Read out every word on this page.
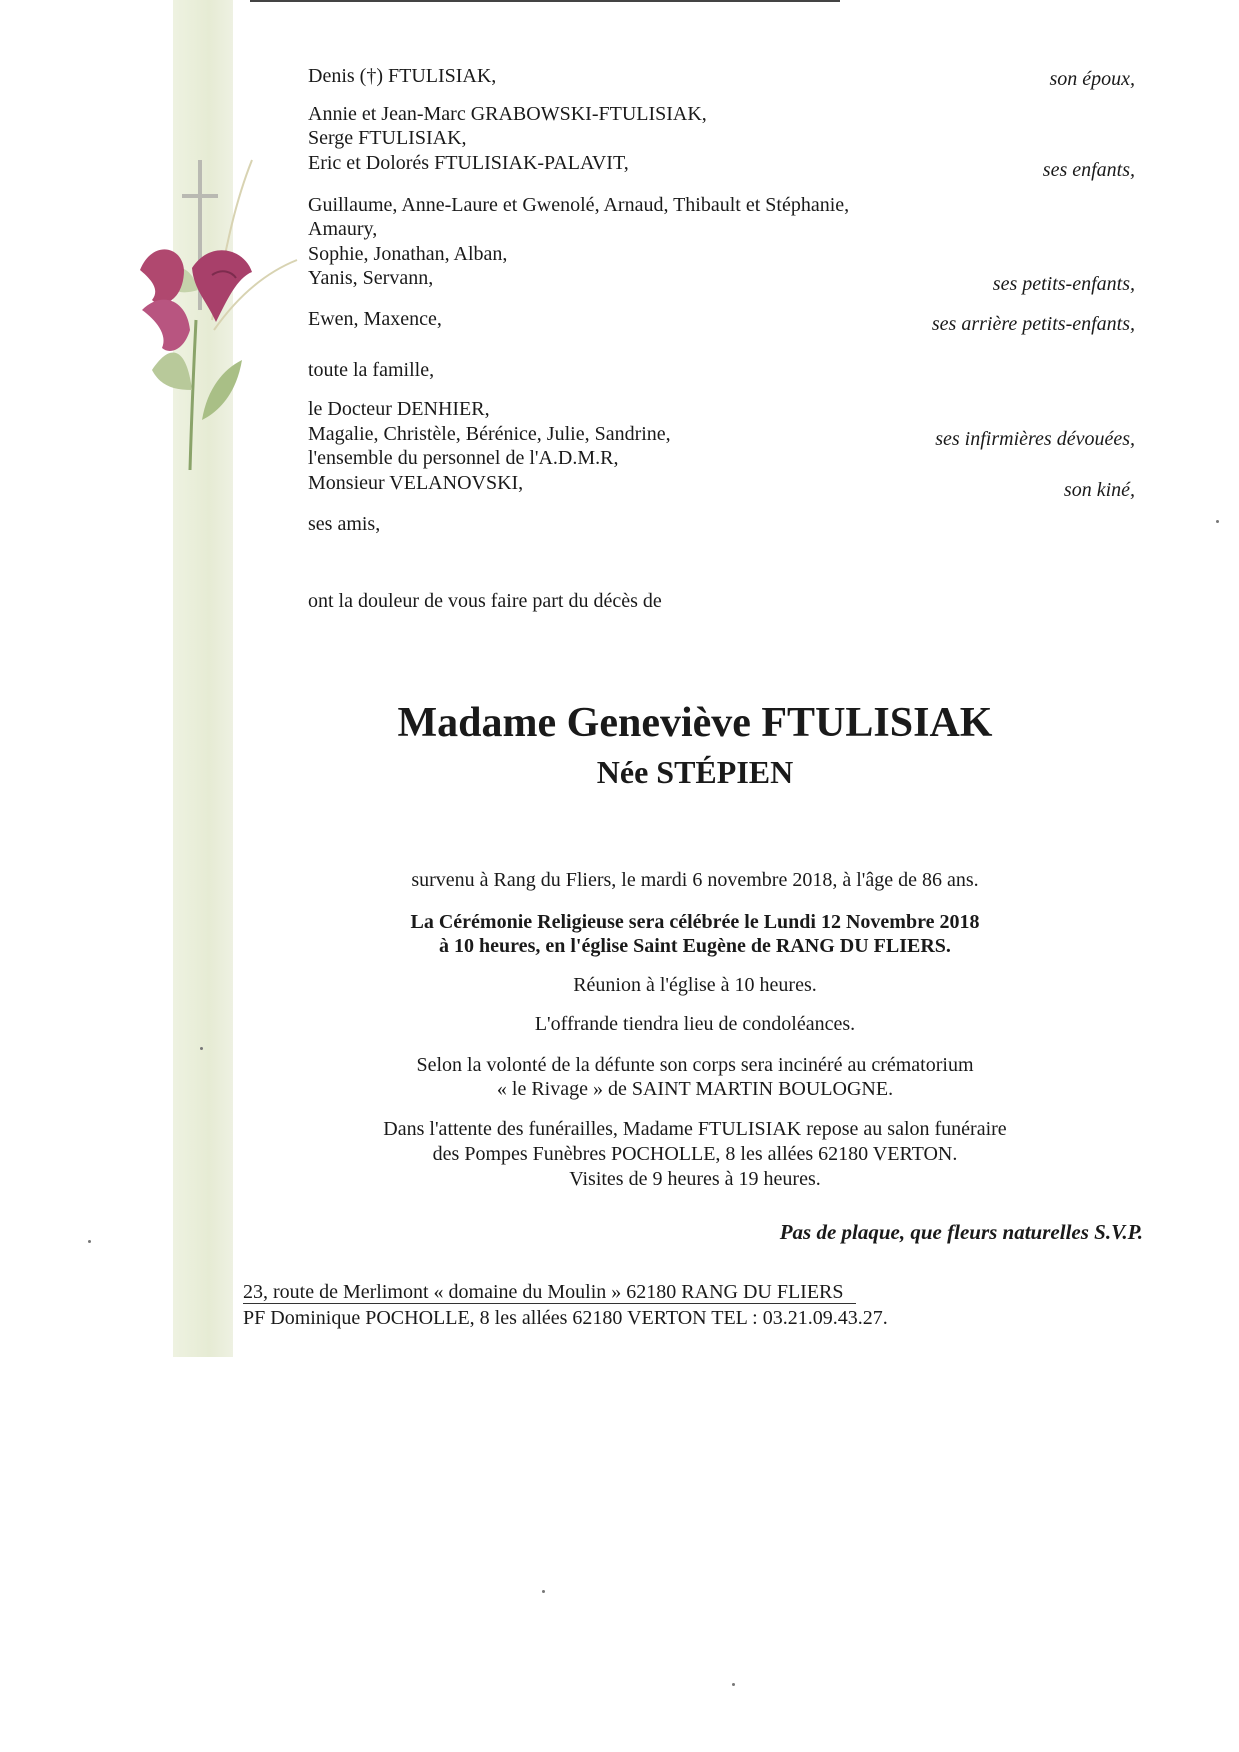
Denis (†) FTULISIAK,	son époux,
Annie et Jean-Marc GRABOWSKI-FTULISIAK,
Serge FTULISIAK,
Eric et Dolorés FTULISIAK-PALAVIT,	ses enfants,
Guillaume, Anne-Laure et Gwenolé, Arnaud, Thibault et Stéphanie,
Amaury,
Sophie, Jonathan, Alban,
Yanis, Servann,	ses petits-enfants,
Ewen, Maxence,	ses arrière petits-enfants,
toute la famille,
le Docteur DENHIER,
Magalie, Christèle, Bérénice, Julie, Sandrine,	ses infirmières dévouées,
l'ensemble du personnel de l'A.D.M.R,
Monsieur VELANOVSKI,	son kiné,
ses amis,
ont la douleur de vous faire part du décès de
Madame Geneviève FTULISIAK
Née STÉPIEN
survenu à Rang du Fliers, le mardi 6 novembre 2018, à l'âge de 86 ans.
La Cérémonie Religieuse sera célébrée le Lundi 12 Novembre 2018
à 10 heures, en l'église Saint Eugène de RANG DU FLIERS.
Réunion à l'église à 10 heures.
L'offrande tiendra lieu de condoléances.
Selon la volonté de la défunte son corps sera incinéré au crématorium
« le Rivage » de SAINT MARTIN BOULOGNE.
Dans l'attente des funérailles, Madame FTULISIAK repose au salon funéraire
des Pompes Funèbres POCHOLLE, 8 les allées 62180 VERTON.
Visites de 9 heures à 19 heures.
Pas de plaque, que fleurs naturelles S.V.P.
23, route de Merlimont « domaine du Moulin » 62180 RANG DU FLIERS
PF Dominique POCHOLLE, 8 les allées 62180 VERTON TEL : 03.21.09.43.27.
